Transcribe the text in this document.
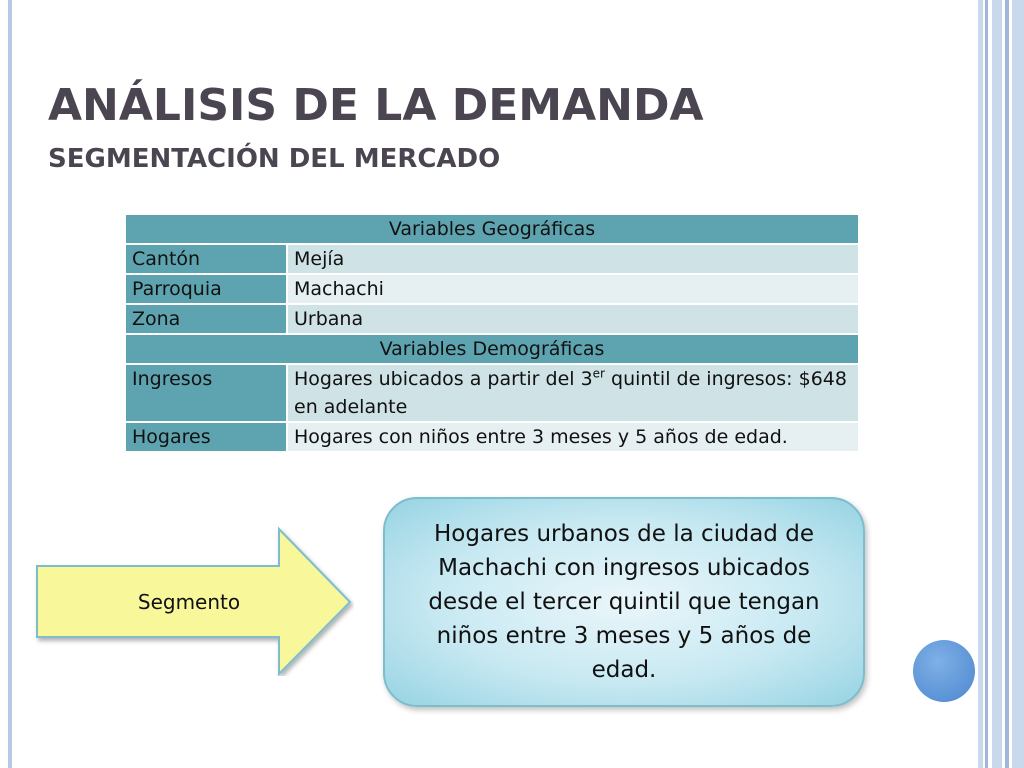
ANÁLISIS DE LA DEMANDA
SEGMENTACIÓN DEL MERCADO
Variables Geográficas	
Cantón	Mejía
Parroquia	Machachi
Zona	Urbana
Variables Demográficas	
Ingresos	Hogares ubicados a partir del 3er quintil de ingresos: $648 en adelante
Hogares	Hogares con niños entre 3 meses y 5 años de edad.
Segmento
Hogares urbanos de la ciudad de Machachi con ingresos ubicados desde el tercer quintil que tengan niños entre 3 meses y 5 años de edad.
